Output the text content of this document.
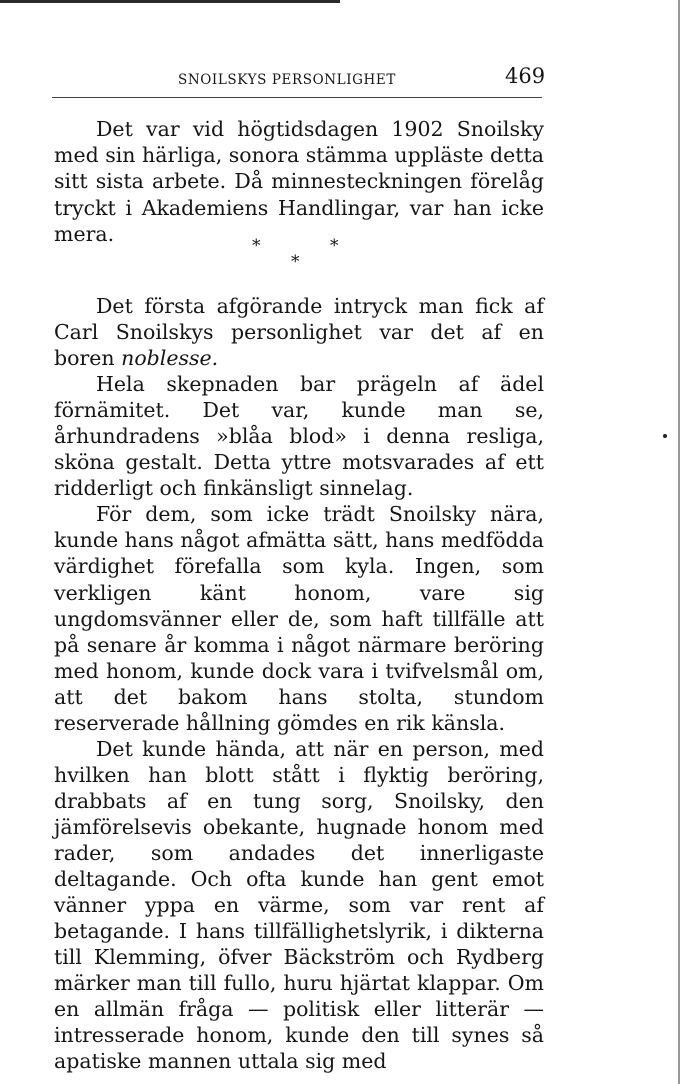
SNOILSKYS PERSONLIGHET	469

Det var vid högtidsdagen 1902 Snoilsky med sin härliga, sonora stämma uppläste detta sitt sista arbete. Då minnesteckningen förelåg tryckt i Akademiens Handlingar, var han icke mera.

*	*
*

Det första afgörande intryck man fick af Carl Snoilskys personlighet var det af en boren noblesse.

Hela skepnaden bar prägeln af ädel förnämitet. Det var, kunde man se, århundradens »blåa blod» i denna resliga, sköna gestalt. Detta yttre motsvarades af ett ridderligt och finkänsligt sinnelag.

För dem, som icke trädt Snoilsky nära, kunde hans något afmätta sätt, hans medfödda värdighet förefalla som kyla. Ingen, som verkligen känt honom, vare sig ungdomsvänner eller de, som haft tillfälle att på senare år komma i något närmare beröring med honom, kunde dock vara i tvifvelsmål om, att det bakom hans stolta, stundom reserverade hållning gömdes en rik känsla.

Det kunde hända, att när en person, med hvilken han blott stått i flyktig beröring, drabbats af en tung sorg, Snoilsky, den jämförelsevis obekante, hugnade honom med rader, som andades det innerligaste deltagande. Och ofta kunde han gent emot vänner yppa en värme, som var rent af betagande. I hans tillfällighetslyrik, i dikterna till Klemming, öfver Bäckström och Rydberg märker man till fullo, huru hjärtat klappar. Om en allmän fråga — politisk eller litterär — intresserade honom, kunde den till synes så apatiske mannen uttala sig med
